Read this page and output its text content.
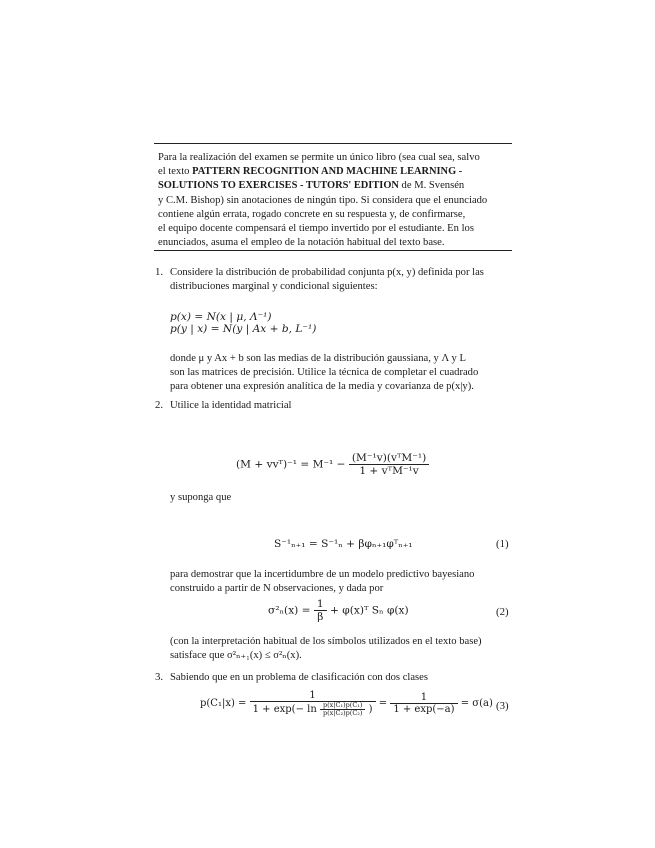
Para la realización del examen se permite un único libro (sea cual sea, salvo
el texto PATTERN RECOGNITION AND MACHINE LEARNING -
SOLUTIONS TO EXERCISES - TUTORS' EDITION de M. Svensén
y C.M. Bishop) sin anotaciones de ningún tipo. Si considera que el enunciado
contiene algún errata, rogado concrete en su respuesta y, de confirmarse,
el equipo docente compensará el tiempo invertido por el estudiante. En los
enunciados, asuma el empleo de la notación habitual del texto base.
1. Considere la distribución de probabilidad conjunta p(x, y) definida por las
distribuciones marginal y condicional siguientes:
p(x) = N(x | μ, Λ⁻¹)
p(y | x) = N(y | Ax + b, L⁻¹)
donde μ y Ax + b son las medias de la distribución gaussiana, y Λ y L
son las matrices de precisión. Utilice la técnica de completar el cuadrado
para obtener una expresión analítica de la media y covarianza de p(x|y).
2. Utilice la identidad matricial
(M + vvᵀ)⁻¹ = $M^{-1} - \frac{\text{(M⁻¹v)(vᵀM⁻¹)}}{\text{1 + vᵀM⁻¹v}}$
y suponga que
S⁻¹ₙ₊₁ = S⁻¹ₙ + βφₙ₊₁φᵀₙ₊₁	(1)
para demostrar que la incertidumbre de un modelo predictivo bayesiano
construido a partir de N observaciones, y dada por
$\sigma^2_n(x) = \frac{1}{\beta}$ + φ(x)ᵀ Sₙ φ(x)	(2)
(con la interpretación habitual de los símbolos utilizados en el texto base)
satisface que σ²ₙ₊₁(x) ≤ σ²ₙ(x).
3. Sabiendo que en un problema de clasificación con dos clases
p(C₁|x) =
1
$1 + \exp(- \ln \frac{\text{p(x|C₁)p(C₁)}}{\text{p(x|C₂)p(C₂)}}$ )
= $\frac{1}{1 + \exp(-a)} = \sigma(a)$ (3)
